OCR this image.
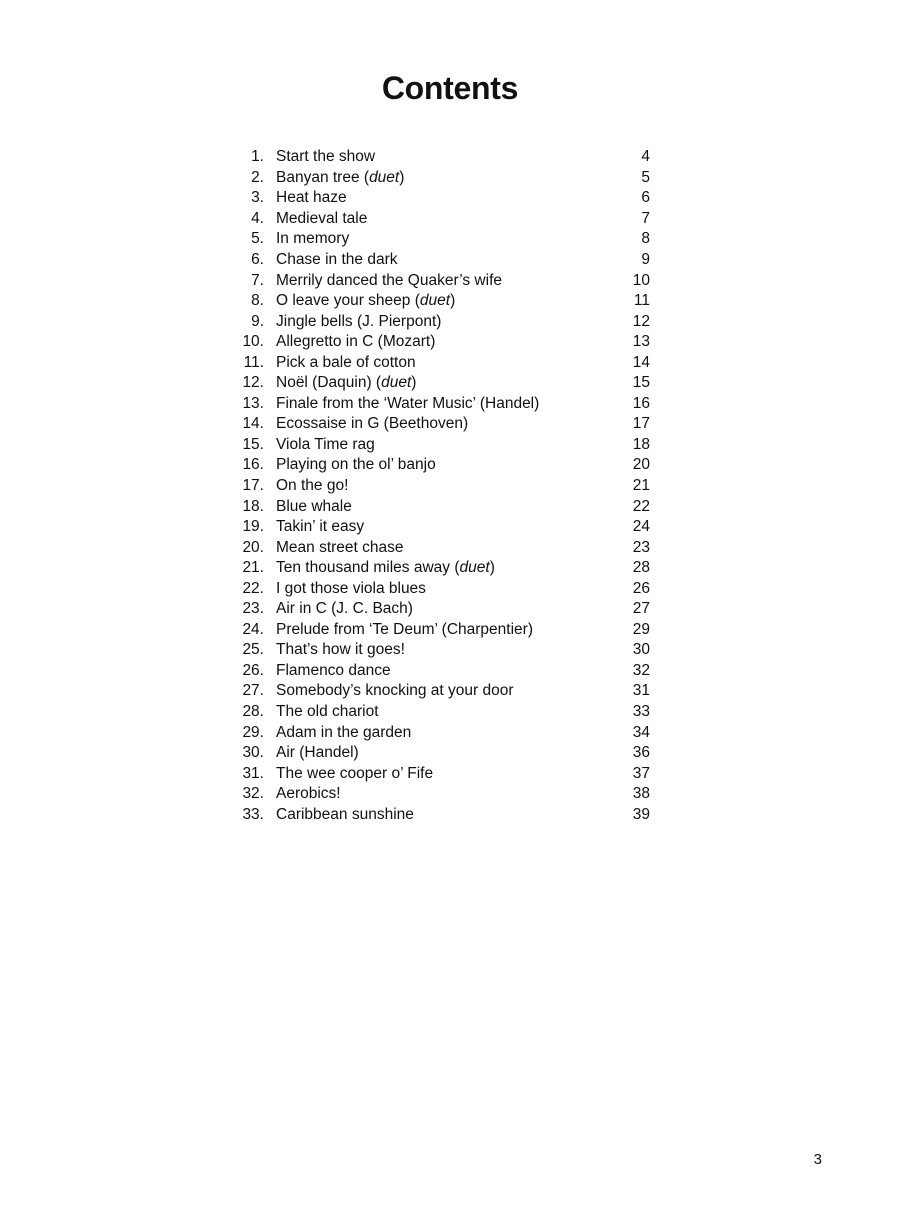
Contents
1. Start the show	4
2. Banyan tree (duet)	5
3. Heat haze	6
4. Medieval tale	7
5. In memory	8
6. Chase in the dark	9
7. Merrily danced the Quaker’s wife	10
8. O leave your sheep (duet)	11
9. Jingle bells (J. Pierpont)	12
10. Allegretto in C (Mozart)	13
11. Pick a bale of cotton	14
12. Noël (Daquin) (duet)	15
13. Finale from the ‘Water Music’ (Handel)	16
14. Ecossaise in G (Beethoven)	17
15. Viola Time rag	18
16. Playing on the ol’ banjo	20
17. On the go!	21
18. Blue whale	22
19. Takin’ it easy	24
20. Mean street chase	23
21. Ten thousand miles away (duet)	28
22. I got those viola blues	26
23. Air in C (J. C. Bach)	27
24. Prelude from ‘Te Deum’ (Charpentier)	29
25. That’s how it goes!	30
26. Flamenco dance	32
27. Somebody’s knocking at your door	31
28. The old chariot	33
29. Adam in the garden	34
30. Air (Handel)	36
31. The wee cooper o’ Fife	37
32. Aerobics!	38
33. Caribbean sunshine	39
3
